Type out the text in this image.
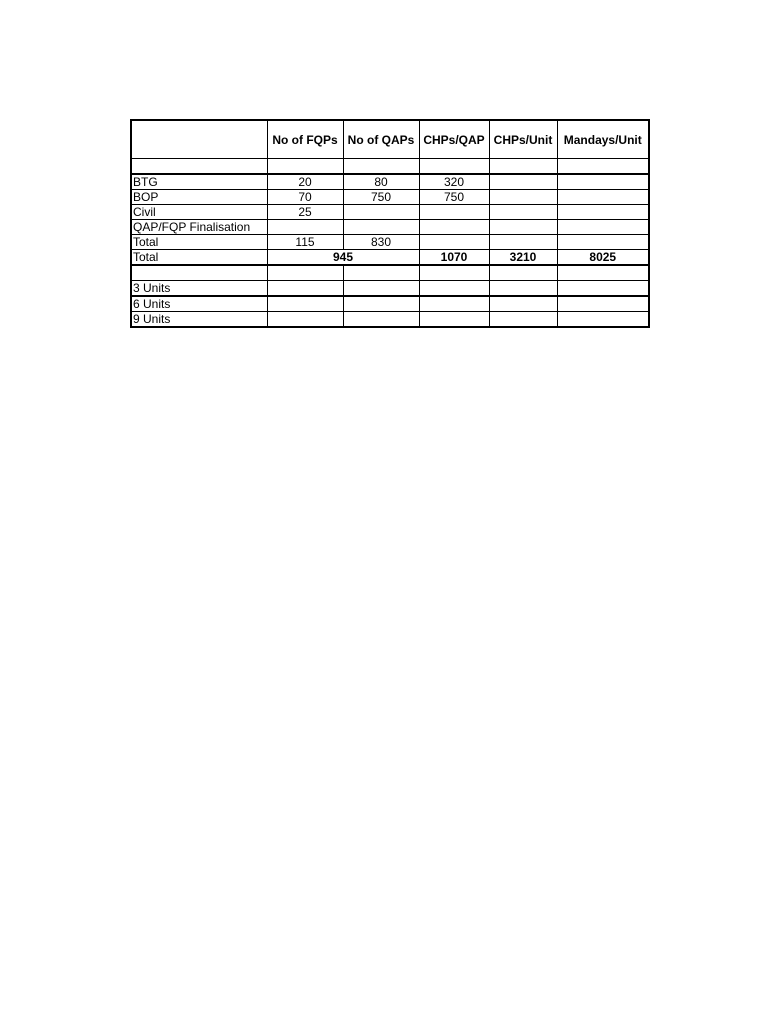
	No of FQPs	No of QAPs	CHPs/QAP	CHPs/Unit	Mandays/Unit

BTG	20	80	320		
BOP	70	750	750		
Civil	25				
QAP/FQP Finalisation					
Total	115	830			
Total	945		1070	3210	8025

3 Units					
6 Units					
9 Units					
